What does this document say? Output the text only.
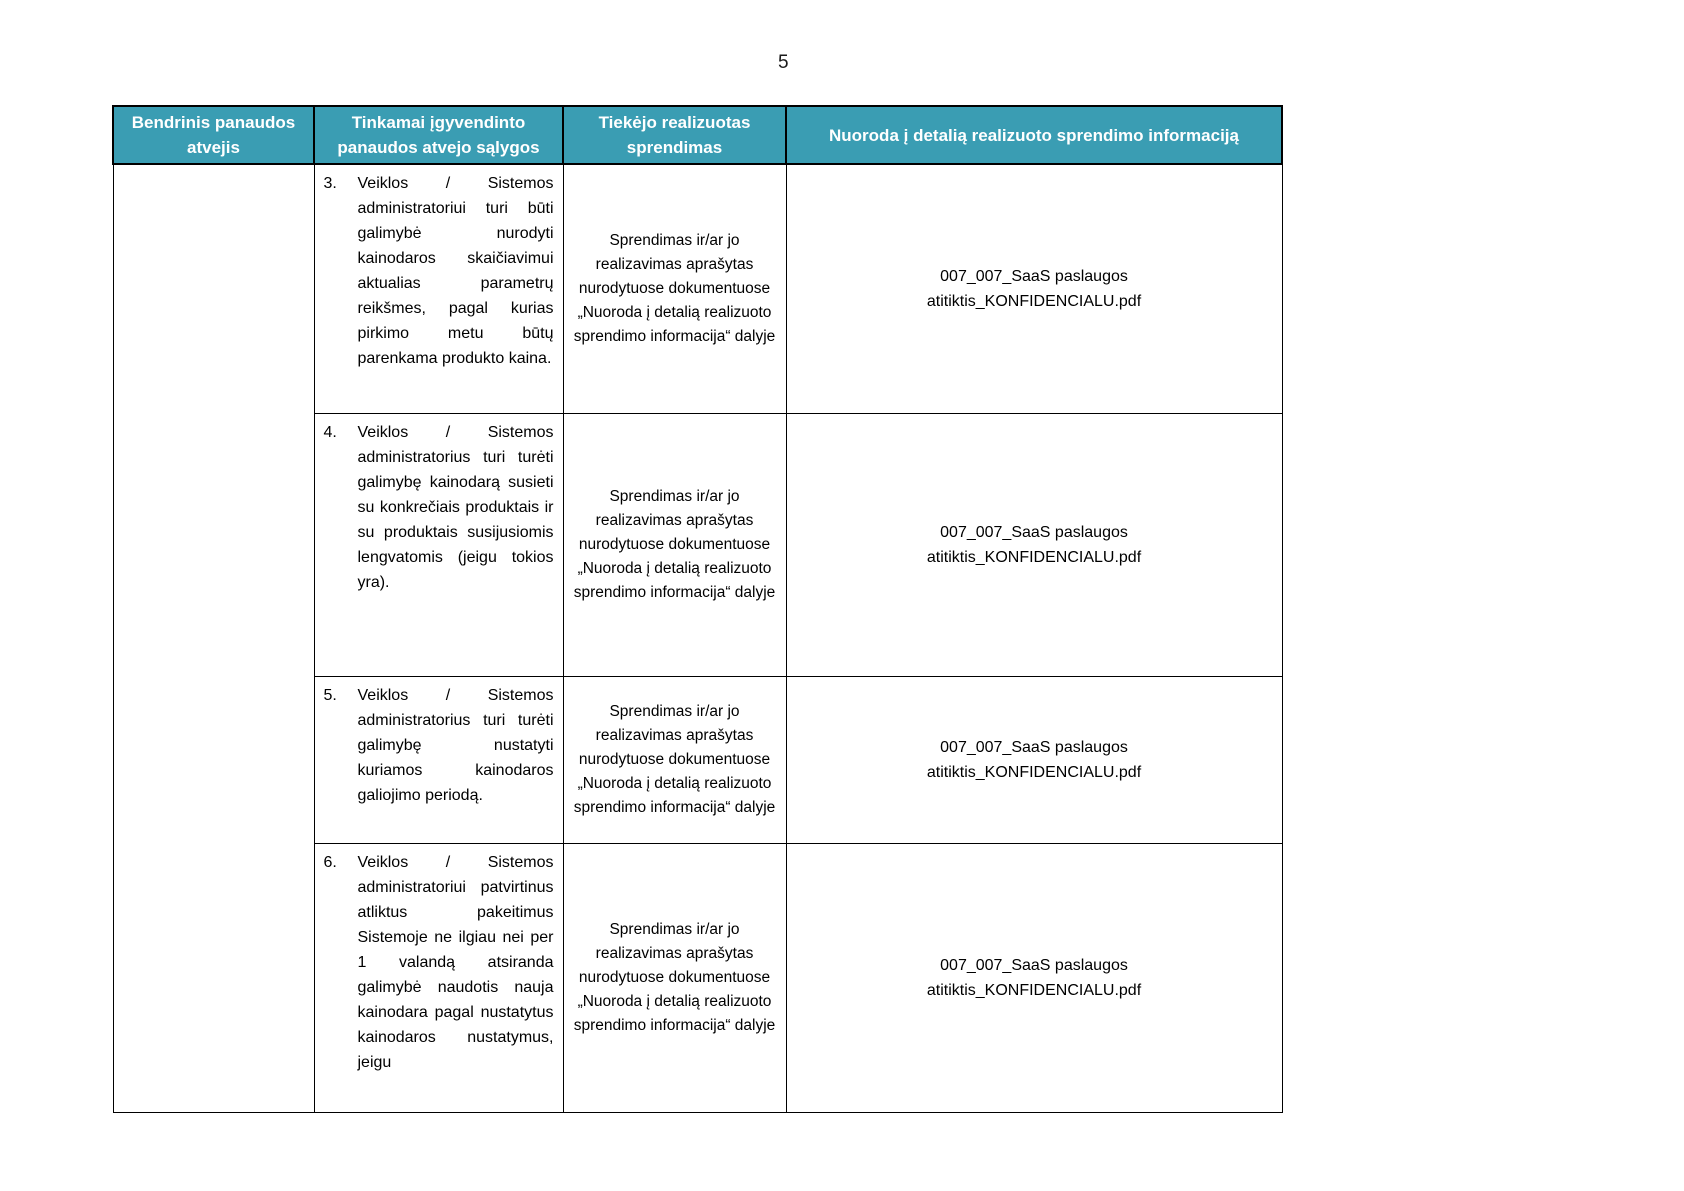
5
Bendrinis panaudos atvejis	Tinkamai įgyvendinto panaudos atvejo sąlygos	Tiekėjo realizuotas sprendimas	Nuoroda į detalią realizuoto sprendimo informaciją

	3. Veiklos / Sistemos administratoriui turi būti galimybė nurodyti kainodaros skaičiavimui aktualias parametrų reikšmes, pagal kurias pirkimo metu būtų parenkama produkto kaina.	Sprendimas ir/ar jo realizavimas aprašytas nurodytuose dokumentuose „Nuoroda į detalią realizuoto sprendimo informacija“ dalyje	007_007_SaaS paslaugos atitiktis_KONFIDENCIALU.pdf

	4. Veiklos / Sistemos administratorius turi turėti galimybę kainodarą susieti su konkrečiais produktais ir su produktais susijusiomis lengvatomis (jeigu tokios yra).	Sprendimas ir/ar jo realizavimas aprašytas nurodytuose dokumentuose „Nuoroda į detalią realizuoto sprendimo informacija“ dalyje	007_007_SaaS paslaugos atitiktis_KONFIDENCIALU.pdf

	5. Veiklos / Sistemos administratorius turi turėti galimybę nustatyti kuriamos kainodaros galiojimo periodą.	Sprendimas ir/ar jo realizavimas aprašytas nurodytuose dokumentuose „Nuoroda į detalią realizuoto sprendimo informacija“ dalyje	007_007_SaaS paslaugos atitiktis_KONFIDENCIALU.pdf

	6. Veiklos / Sistemos administratoriui patvirtinus atliktus pakeitimus Sistemoje ne ilgiau nei per 1 valandą atsiranda galimybė naudotis nauja kainodara pagal nustatytus kainodaros nustatymus, jeigu	Sprendimas ir/ar jo realizavimas aprašytas nurodytuose dokumentuose „Nuoroda į detalią realizuoto sprendimo informacija“ dalyje	007_007_SaaS paslaugos atitiktis_KONFIDENCIALU.pdf
